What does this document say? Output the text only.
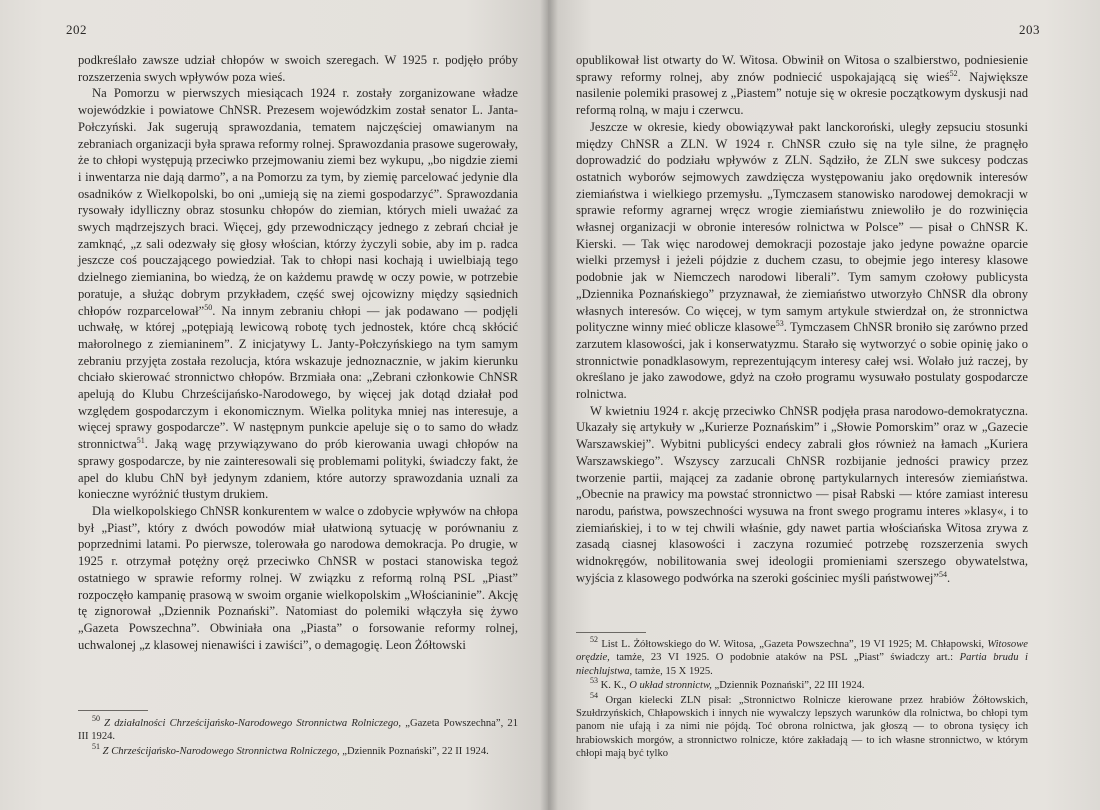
202

podkreślało zawsze udział chłopów w swoich szeregach. W 1925 r. podjęło próby rozszerzenia swych wpływów poza wieś.

Na Pomorzu w pierwszych miesiącach 1924 r. zostały zorganizowane władze wojewódzkie i powiatowe ChNSR. Prezesem wojewódzkim został senator L. Janta-Połczyński. Jak sugerują sprawozdania, tematem najczęściej omawianym na zebraniach organizacji była sprawa reformy rolnej. Sprawozdania prasowe sugerowały, że to chłopi występują przeciwko przejmowaniu ziemi bez wykupu, „bo nigdzie ziemi i inwentarza nie dają darmo”, a na Pomorzu za tym, by ziemię parcelować jedynie dla osadników z Wielkopolski, bo oni „umieją się na ziemi gospodarzyć”. Sprawozdania rysowały idylliczny obraz stosunku chłopów do ziemian, których mieli uważać za swych mądrzejszych braci. Więcej, gdy przewodniczący jednego z zebrań chciał je zamknąć, „z sali odezwały się głosy włościan, którzy życzyli sobie, aby im p. radca jeszcze coś pouczającego powiedział. Tak to chłopi nasi kochają i uwielbiają tego dzielnego ziemianina, bo wiedzą, że on każdemu prawdę w oczy powie, w potrzebie poratuje, a służąc dobrym przykładem, część swej ojcowizny między sąsiednich chłopów rozparcelował”$^{50}$. Na innym zebraniu chłopi — jak podawano — podjęli uchwałę, w której „potępiają lewicową robotę tych jednostek, które chcą skłócić małorolnego z ziemianinem”. Z inicjatywy L. Janty-Połczyńskiego na tym samym zebraniu przyjęta została rezolucja, która wskazuje jednoznacznie, w jakim kierunku chciało skierować stronnictwo chłopów. Brzmiała ona: „Zebrani członkowie ChNSR apelują do Klubu Chrześcijańsko-Narodowego, by więcej jak dotąd działał pod względem gospodarczym i ekonomicznym. Wielka polityka mniej nas interesuje, a więcej sprawy gospodarcze”. W następnym punkcie apeluje się o to samo do władz stronnictwa$^{51}$. Jaką wagę przywiązywano do prób kierowania uwagi chłopów na sprawy gospodarcze, by nie zainteresowali się problemami polityki, świadczy fakt, że apel do klubu ChN był jedynym zdaniem, które autorzy sprawozdania uznali za konieczne wyróżnić tłustym drukiem.

Dla wielkopolskiego ChNSR konkurentem w walce o zdobycie wpływów na chłopa był „Piast”, który z dwóch powodów miał ułatwioną sytuację w porównaniu z poprzednimi latami. Po pierwsze, tolerowała go narodowa demokracja. Po drugie, w 1925 r. otrzymał potężny oręż przeciwko ChNSR w postaci stanowiska tegoż ostatniego w sprawie reformy rolnej. W związku z reformą rolną PSL „Piast” rozpoczęło kampanię prasową w swoim organie wielkopolskim „Włościaninie”. Akcję tę zignorował „Dziennik Poznański”. Natomiast do polemiki włączyła się żywo „Gazeta Powszechna”. Obwiniała ona „Piasta” o forsowanie reformy rolnej, uchwalonej „z klasowej nienawiści i zawiści”, o demagogię. Leon Żółtowski

$^{50}$ Z działalności Chrześcijańsko-Narodowego Stronnictwa Rolniczego, „Gazeta Powszechna”, 21 III 1924.

$^{51}$ Z Chrześcijańsko-Narodowego Stronnictwa Rolniczego, „Dziennik Poznański”, 22 II 1924.

203

opublikował list otwarty do W. Witosa. Obwinił on Witosa o szalbierstwo, podniesienie sprawy reformy rolnej, aby znów podniecić uspokajającą się wieś$^{52}$. Największe nasilenie polemiki prasowej z „Piastem” notuje się w okresie początkowym dyskusji nad reformą rolną, w maju i czerwcu.

Jeszcze w okresie, kiedy obowiązywał pakt lanckoroński, uległy zepsuciu stosunki między ChNSR a ZLN. W 1924 r. ChNSR czuło się na tyle silne, że pragnęło doprowadzić do podziału wpływów z ZLN. Sądziło, że ZLN swe sukcesy podczas ostatnich wyborów sejmowych zawdzięcza występowaniu jako orędownik interesów ziemiaństwa i wielkiego przemysłu. „Tymczasem stanowisko narodowej demokracji w sprawie reformy agrarnej wręcz wrogie ziemiaństwu zniewoliło je do rozwinięcia własnej organizacji w obronie interesów rolnictwa w Polsce” — pisał o ChNSR K. Kierski. — Tak więc narodowej demokracji pozostaje jako jedyne poważne oparcie wielki przemysł i jeżeli pójdzie z duchem czasu, to obejmie jego interesy klasowe podobnie jak w Niemczech narodowi liberali”. Tym samym czołowy publicysta „Dziennika Poznańskiego” przyznawał, że ziemiaństwo utworzyło ChNSR dla obrony własnych interesów. Co więcej, w tym samym artykule stwierdzał on, że stronnictwa polityczne winny mieć oblicze klasowe$^{53}$. Tymczasem ChNSR broniło się zarówno przed zarzutem klasowości, jak i konserwatyzmu. Starało się wytworzyć o sobie opinię jako o stronnictwie ponadklasowym, reprezentującym interesy całej wsi. Wolało już raczej, by określano je jako zawodowe, gdyż na czoło programu wysuwało postulaty gospodarcze rolnictwa.

W kwietniu 1924 r. akcję przeciwko ChNSR podjęła prasa narodowo-demokratyczna. Ukazały się artykuły w „Kurierze Poznańskim” i „Słowie Pomorskim” oraz w „Gazecie Warszawskiej”. Wybitni publicyści endecy zabrali głos również na łamach „Kuriera Warszawskiego”. Wszyscy zarzucali ChNSR rozbijanie jedności prawicy przez tworzenie partii, mającej za zadanie obronę partykularnych interesów ziemiaństwa. „Obecnie na prawicy ma powstać stronnictwo — pisał Rabski — które zamiast interesu narodu, państwa, powszechności wysuwa na front swego programu interes »klasy«, i to ziemiańskiej, i to w tej chwili właśnie, gdy nawet partia włościańska Witosa zrywa z zasadą ciasnej klasowości i zaczyna rozumieć potrzebę rozszerzenia swych widnokręgów, nobilitowania swej ideologii promieniami szerszego obywatelstwa, wyjścia z klasowego podwórka na szeroki gościniec myśli państwowej”$^{54}$.

$^{52}$ List L. Żółtowskiego do W. Witosa, „Gazeta Powszechna”, 19 VI 1925; M. Chłapowski, Witosowe orędzie, tamże, 23 VI 1925. O podobnie ataków na PSL „Piast” świadczy art.: Partia brudu i niechlujstwa, tamże, 15 X 1925.

$^{53}$ K. K., O układ stronnictw, „Dziennik Poznański”, 22 III 1924.

$^{54}$ Organ kielecki ZLN pisał: „Stronnictwo Rolnicze kierowane przez hrabiów Żółtowskich, Szułdrzyńskich, Chłapowskich i innych nie wywalczy lepszych warunków dla rolnictwa, bo chłopi tym panom nie ufają i za nimi nie pójdą. Toć obrona rolnictwa, jak głoszą — to obrona tysięcy ich hrabiowskich morgów, a stronnictwo rolnicze, które zakładają — to ich własne stronnictwo, w którym chłopi mają być tylko
